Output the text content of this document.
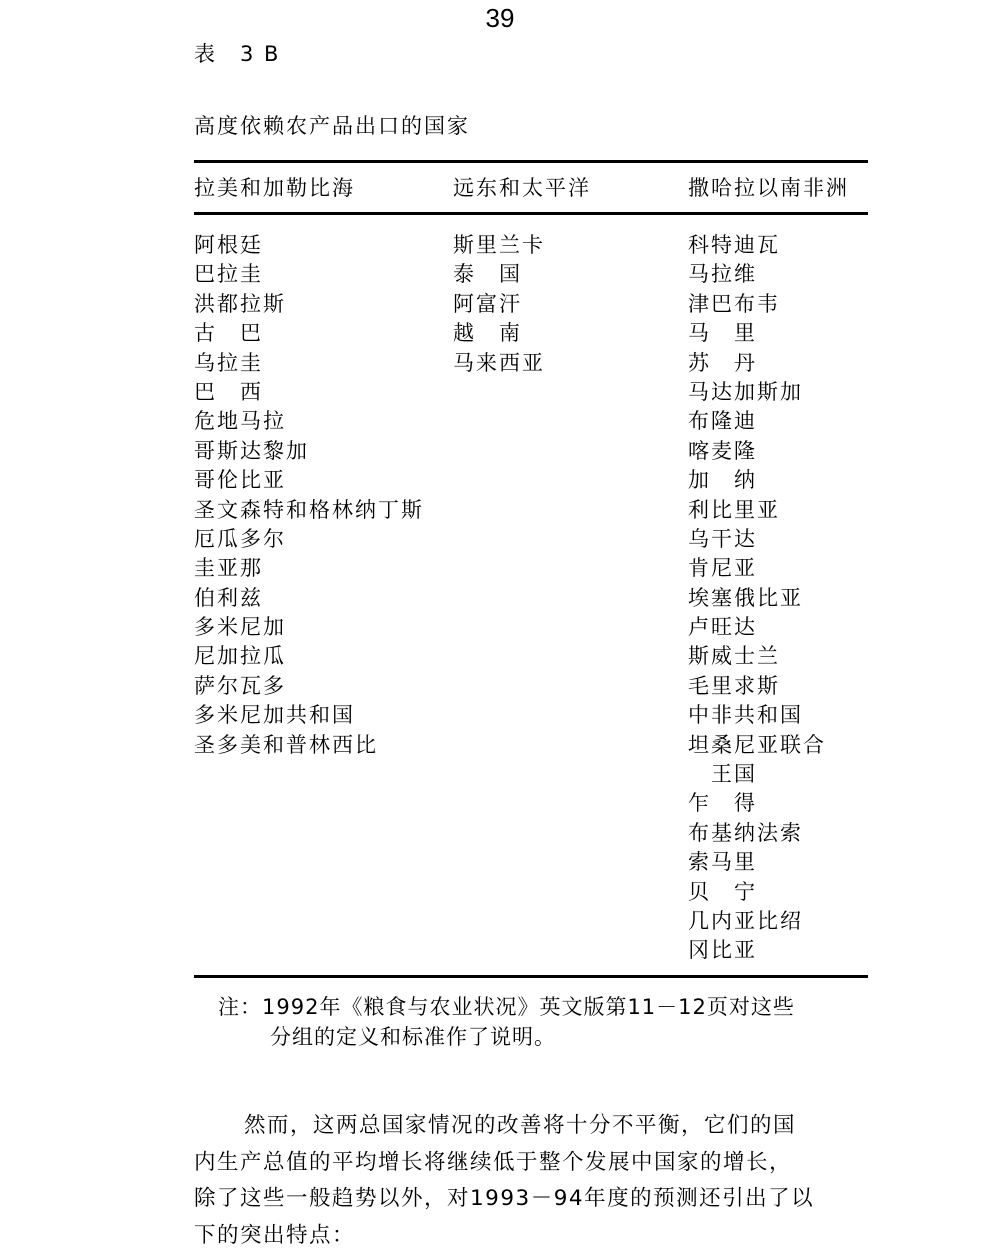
39
表　3 B
高度依赖农产品出口的国家
拉美和加勒比海	远东和太平洋	撒哈拉以南非洲
阿根廷
巴拉圭
洪都拉斯
古　巴
乌拉圭
巴　西
危地马拉
哥斯达黎加
哥伦比亚
圣文森特和格林纳丁斯
厄瓜多尔
圭亚那
伯利兹
多米尼加
尼加拉瓜
萨尔瓦多
多米尼加共和国
圣多美和普林西比
斯里兰卡
泰　国
阿富汗
越　南
马来西亚
科特迪瓦
马拉维
津巴布韦
马　里
苏　丹
马达加斯加
布隆迪
喀麦隆
加　纳
利比里亚
乌干达
肯尼亚
埃塞俄比亚
卢旺达
斯威士兰
毛里求斯
中非共和国
坦桑尼亚联合
　王国
乍　得
布基纳法索
索马里
贝　宁
几内亚比绍
冈比亚
注：1992年《粮食与农业状况》英文版第11－12页对这些
分组的定义和标准作了说明。
然而，这两总国家情况的改善将十分不平衡，它们的国
内生产总值的平均增长将继续低于整个发展中国家的增长，
除了这些一般趋势以外，对1993－94年度的预测还引出了以
下的突出特点：
